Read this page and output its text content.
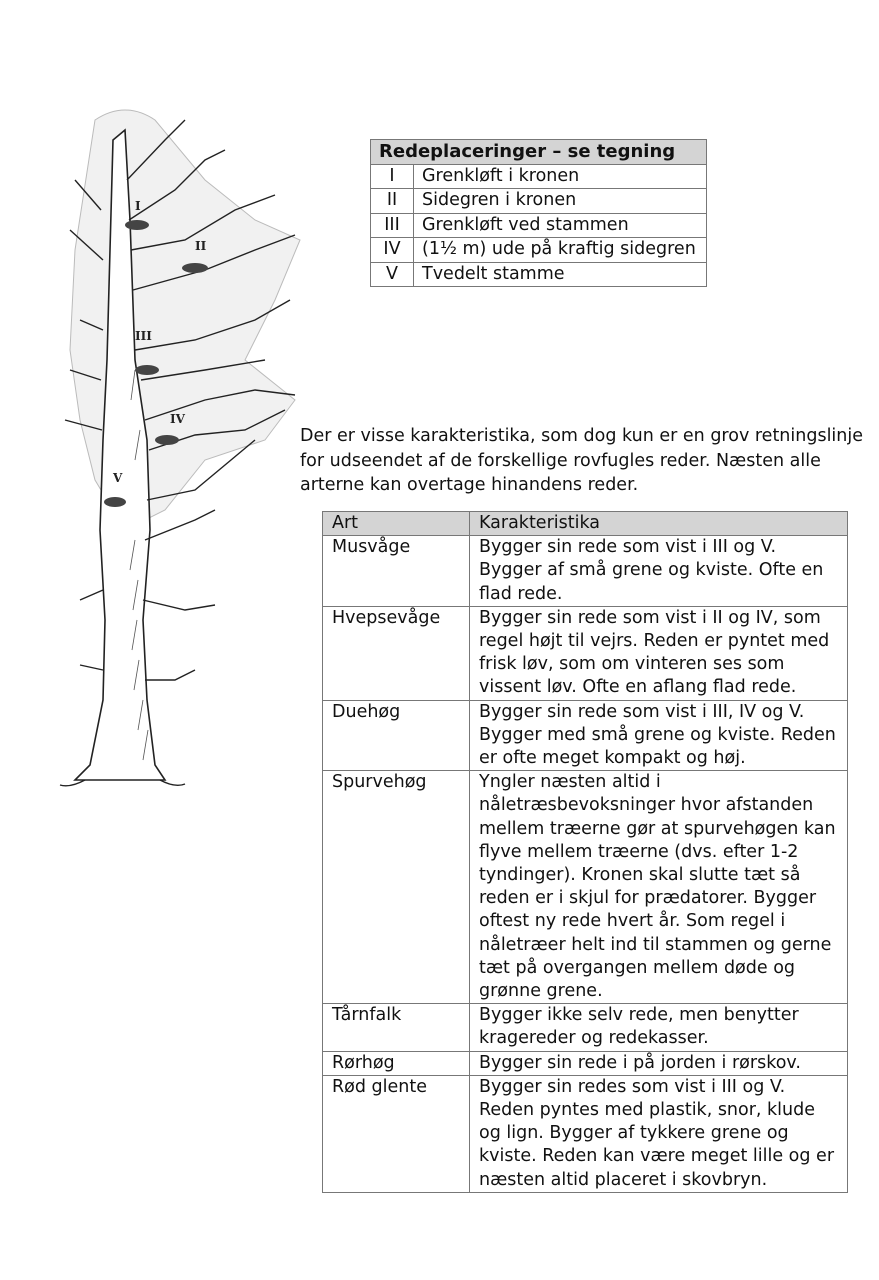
I
II
III
IV
V
Redeplaceringer – se tegning	
I	Grenkløft i kronen
II	Sidegren i kronen
III	Grenkløft ved stammen
IV	(1½ m) ude på kraftig sidegren
V	Tvedelt stamme

Der er visse karakteristika, som dog kun er en grov retningslinje for udseendet af de forskellige rovfugles reder. Næsten alle arterne kan overtage hinandens reder.

Art	Karakteristika
Musvåge	Bygger sin rede som vist i III og V. Bygger af små grene og kviste. Ofte en flad rede.
Hvepsevåge	Bygger sin rede som vist i II og IV, som regel højt til vejrs. Reden er pyntet med frisk løv, som om vinteren ses som vissent løv. Ofte en aflang flad rede.
Duehøg	Bygger sin rede som vist i III, IV og V. Bygger med små grene og kviste. Reden er ofte meget kompakt og høj.
Spurvehøg	Yngler næsten altid i nåletræsbevoksninger hvor afstanden mellem træerne gør at spurvehøgen kan flyve mellem træerne (dvs. efter 1-2 tyndinger). Kronen skal slutte tæt så reden er i skjul for prædatorer. Bygger oftest ny rede hvert år. Som regel i nåletræer helt ind til stammen og gerne tæt på overgangen mellem døde og grønne grene.
Tårnfalk	Bygger ikke selv rede, men benytter kragereder og redekasser.
Rørhøg	Bygger sin rede i på jorden i rørskov.
Rød glente	Bygger sin redes som vist i III og V. Reden pyntes med plastik, snor, klude og lign. Bygger af tykkere grene og kviste. Reden kan være meget lille og er næsten altid placeret i skovbryn.
